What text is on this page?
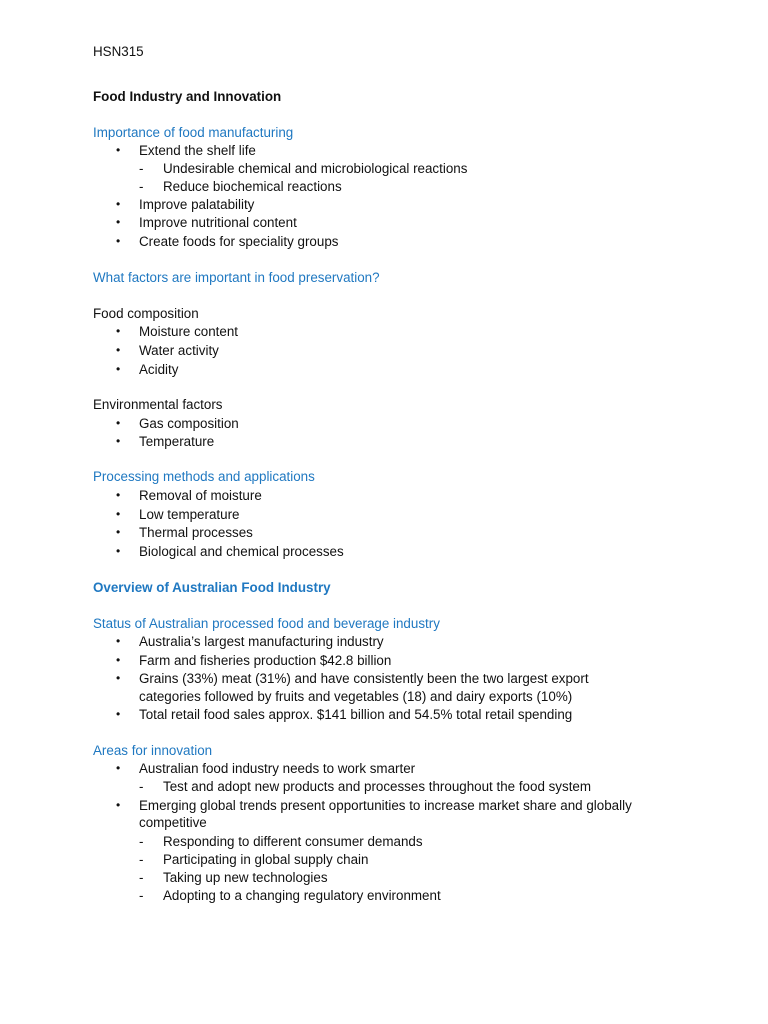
HSN315

Food Industry and Innovation

Importance of food manufacturing

• Extend the shelf life

- Undesirable chemical and microbiological reactions

- Reduce biochemical reactions

• Improve palatability

• Improve nutritional content

• Create foods for speciality groups

What factors are important in food preservation?

Food composition

• Moisture content

• Water activity

• Acidity

Environmental factors

• Gas composition

• Temperature

Processing methods and applications

• Removal of moisture

• Low temperature

• Thermal processes

• Biological and chemical processes

Overview of Australian Food Industry

Status of Australian processed food and beverage industry

• Australia’s largest manufacturing industry

• Farm and fisheries production $42.8 billion

• Grains (33%) meat (31%) and have consistently been the two largest export

categories followed by fruits and vegetables (18) and dairy exports (10%)

• Total retail food sales approx. $141 billion and 54.5% total retail spending

Areas for innovation

• Australian food industry needs to work smarter

- Test and adopt new products and processes throughout the food system

• Emerging global trends present opportunities to increase market share and globally

competitive

- Responding to different consumer demands

- Participating in global supply chain

- Taking up new technologies

- Adopting to a changing regulatory environment
